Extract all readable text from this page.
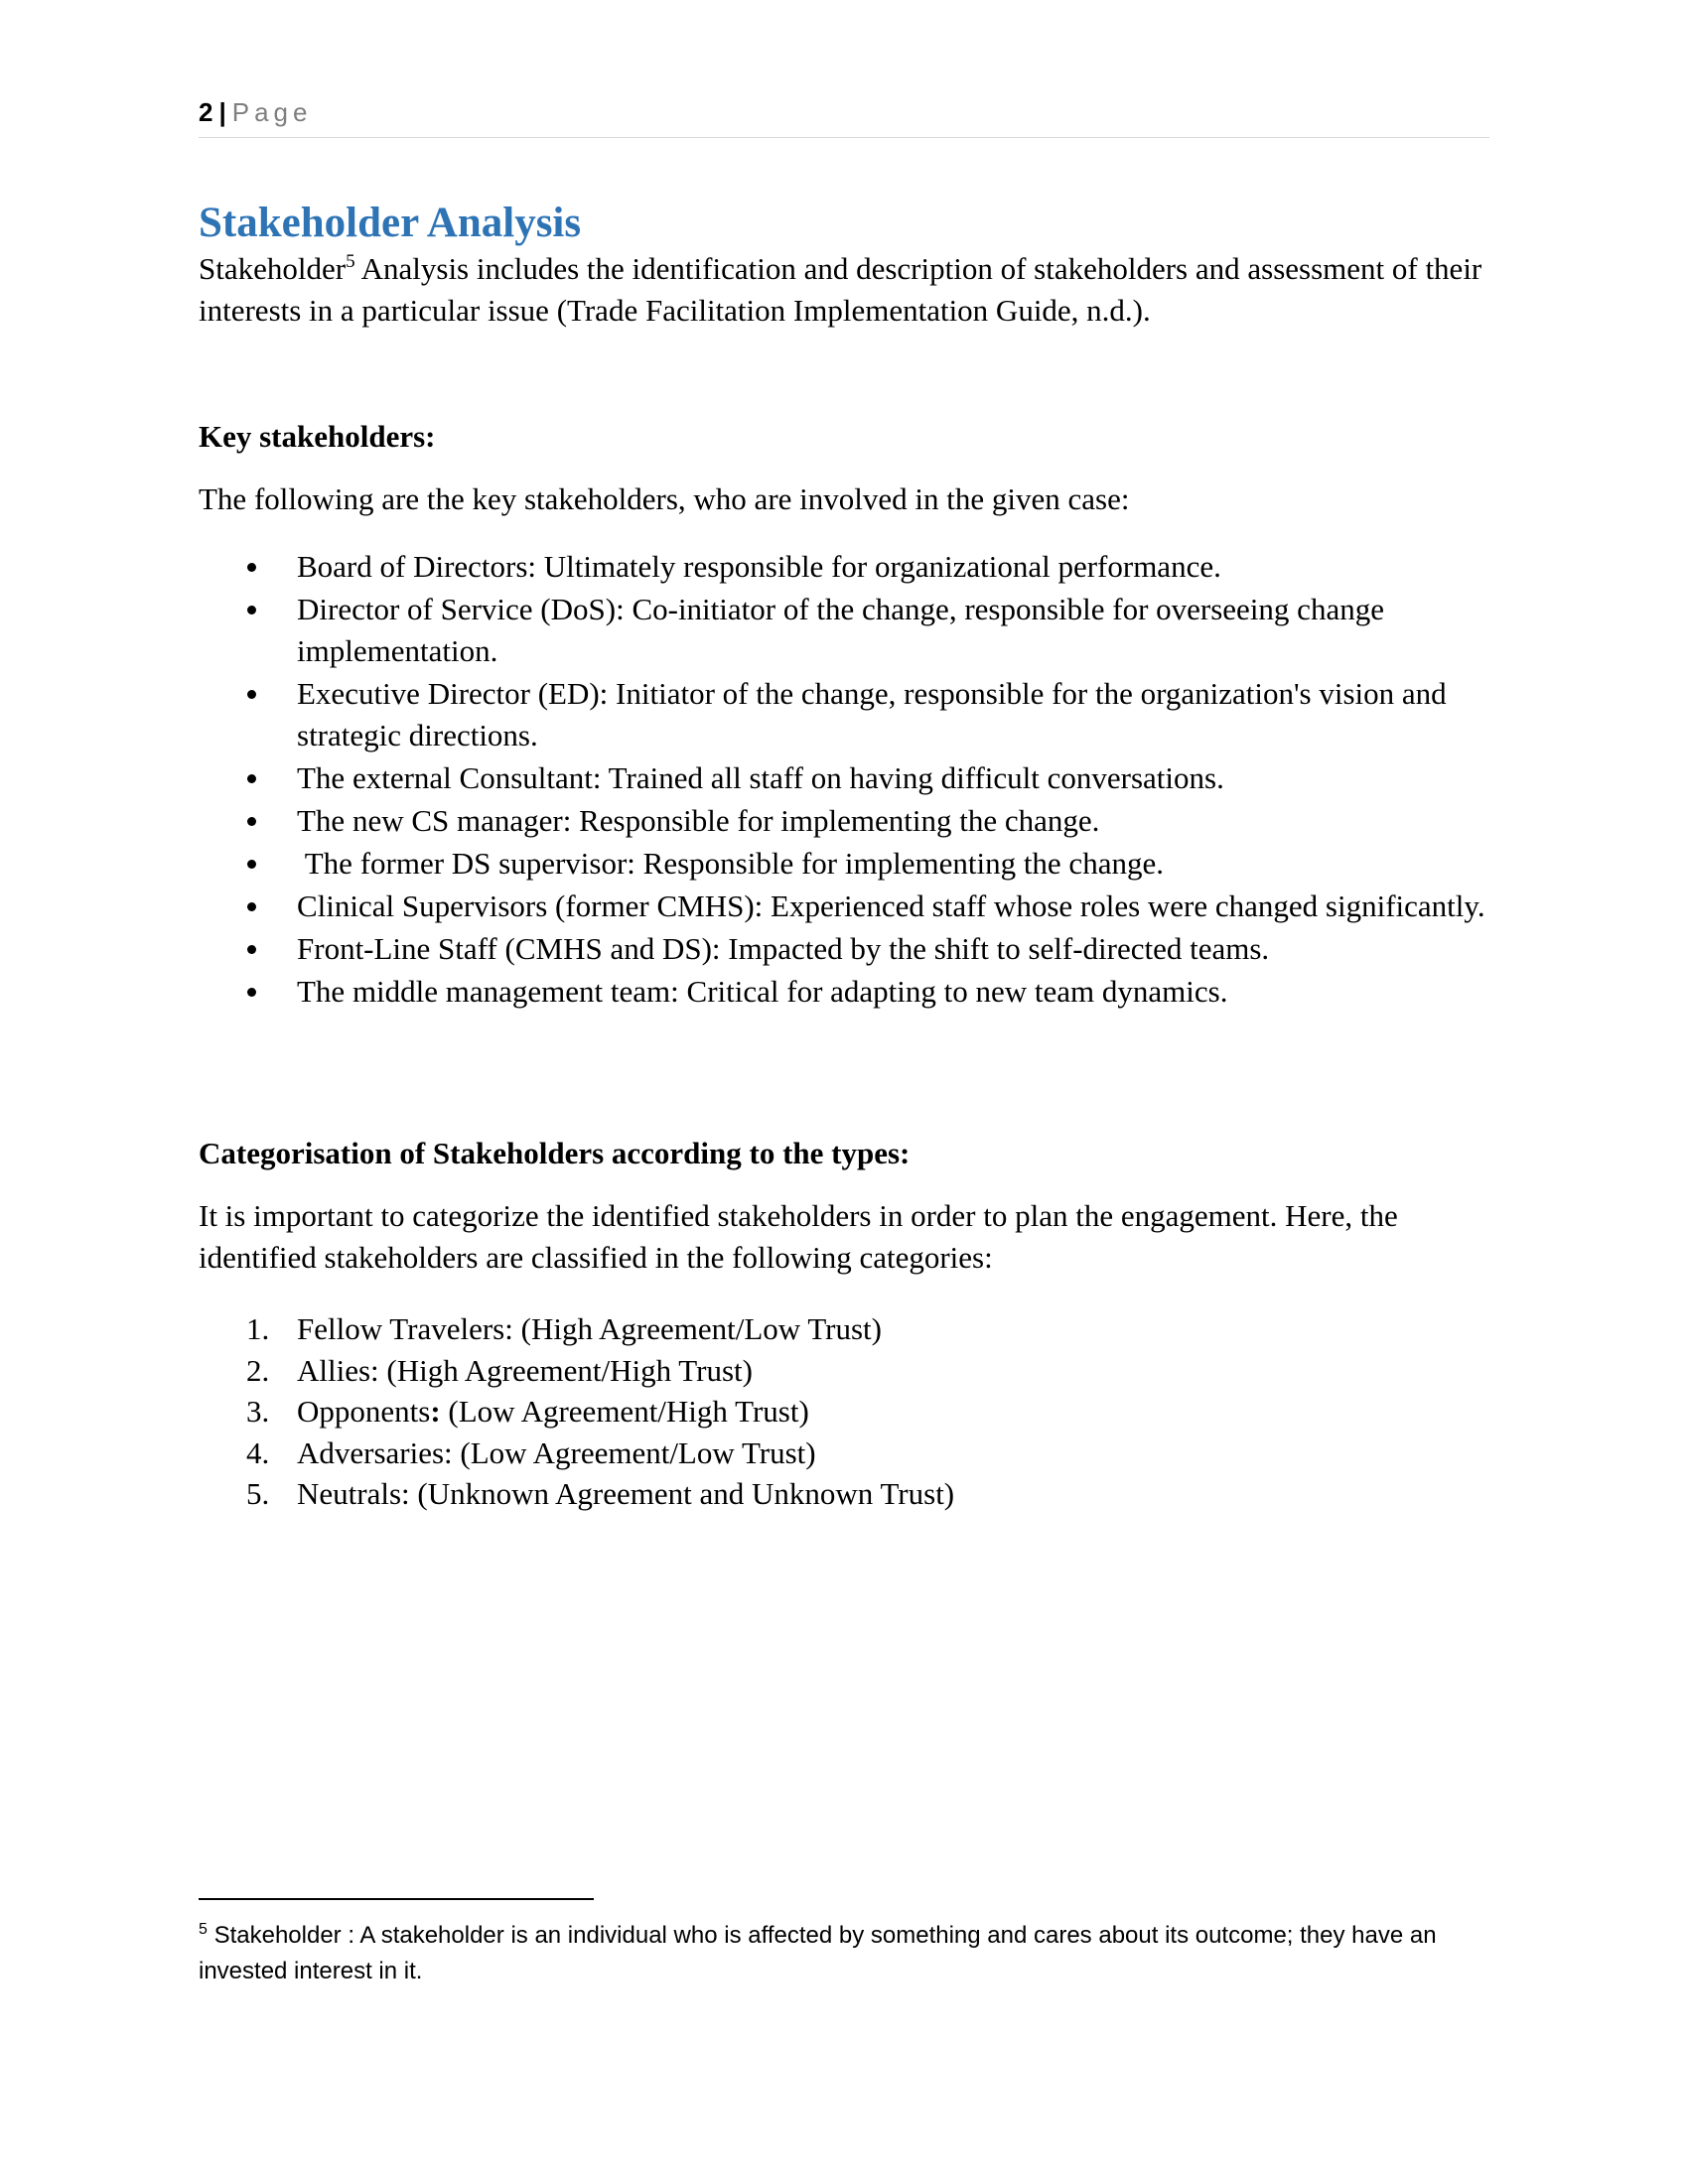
2 | Page
Stakeholder Analysis

Stakeholder$^5$ Analysis includes the identification and description of stakeholders and assessment of their interests in a particular issue (Trade Facilitation Implementation Guide, n.d.).

Key stakeholders:

The following are the key stakeholders, who are involved in the given case:

Board of Directors: Ultimately responsible for organizational performance.
Director of Service (DoS): Co-initiator of the change, responsible for overseeing change implementation.
Executive Director (ED): Initiator of the change, responsible for the organization's vision and strategic directions.
The external Consultant: Trained all staff on having difficult conversations.
The new CS manager: Responsible for implementing the change.
The former DS supervisor: Responsible for implementing the change.
Clinical Supervisors (former CMHS): Experienced staff whose roles were changed significantly.
Front-Line Staff (CMHS and DS): Impacted by the shift to self-directed teams.
The middle management team: Critical for adapting to new team dynamics.
Categorisation of Stakeholders according to the types:

It is important to categorize the identified stakeholders in order to plan the engagement. Here, the identified stakeholders are classified in the following categories:

1. Fellow Travelers: (High Agreement/Low Trust)
2. Allies: (High Agreement/High Trust)
3. Opponents: (Low Agreement/High Trust)
4. Adversaries: (Low Agreement/Low Trust)
5. Neutrals: (Unknown Agreement and Unknown Trust)

$^5$ Stakeholder : A stakeholder is an individual who is affected by something and cares about its outcome; they have an invested interest in it.
